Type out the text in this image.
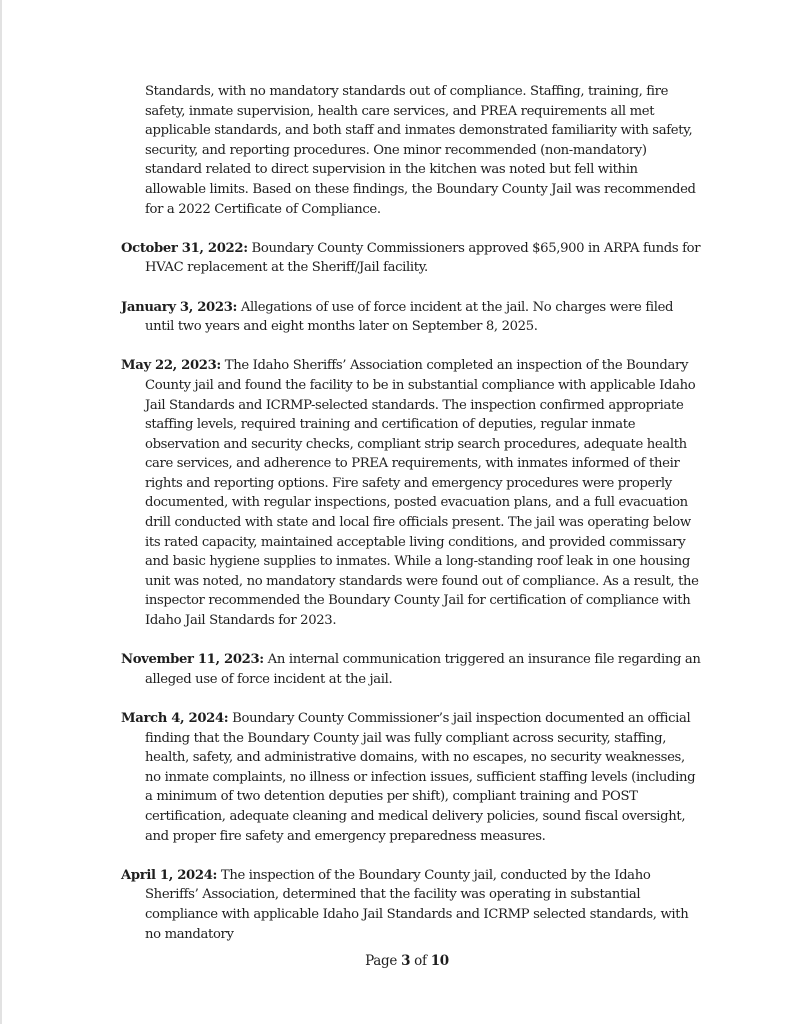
Standards, with no mandatory standards out of compliance. Staffing, training, fire safety, inmate supervision, health care services, and PREA requirements all met applicable standards, and both staff and inmates demonstrated familiarity with safety, security, and reporting procedures. One minor recommended (non-mandatory) standard related to direct supervision in the kitchen was noted but fell within allowable limits. Based on these findings, the Boundary County Jail was recommended for a 2022 Certificate of Compliance.

October 31, 2022: Boundary County Commissioners approved $65,900 in ARPA funds for HVAC replacement at the Sheriff/Jail facility.

January 3, 2023: Allegations of use of force incident at the jail. No charges were filed until two years and eight months later on September 8, 2025.

May 22, 2023: The Idaho Sheriffs’ Association completed an inspection of the Boundary County jail and found the facility to be in substantial compliance with applicable Idaho Jail Standards and ICRMP-selected standards. The inspection confirmed appropriate staffing levels, required training and certification of deputies, regular inmate observation and security checks, compliant strip search procedures, adequate health care services, and adherence to PREA requirements, with inmates informed of their rights and reporting options. Fire safety and emergency procedures were properly documented, with regular inspections, posted evacuation plans, and a full evacuation drill conducted with state and local fire officials present. The jail was operating below its rated capacity, maintained acceptable living conditions, and provided commissary and basic hygiene supplies to inmates. While a long-standing roof leak in one housing unit was noted, no mandatory standards were found out of compliance. As a result, the inspector recommended the Boundary County Jail for certification of compliance with Idaho Jail Standards for 2023.

November 11, 2023: An internal communication triggered an insurance file regarding an alleged use of force incident at the jail.

March 4, 2024: Boundary County Commissioner’s jail inspection documented an official finding that the Boundary County jail was fully compliant across security, staffing, health, safety, and administrative domains, with no escapes, no security weaknesses, no inmate complaints, no illness or infection issues, sufficient staffing levels (including a minimum of two detention deputies per shift), compliant training and POST certification, adequate cleaning and medical delivery policies, sound fiscal oversight, and proper fire safety and emergency preparedness measures.

April 1, 2024: The inspection of the Boundary County jail, conducted by the Idaho Sheriffs’ Association, determined that the facility was operating in substantial compliance with applicable Idaho Jail Standards and ICRMP selected standards, with no mandatory

Page 3 of 10
